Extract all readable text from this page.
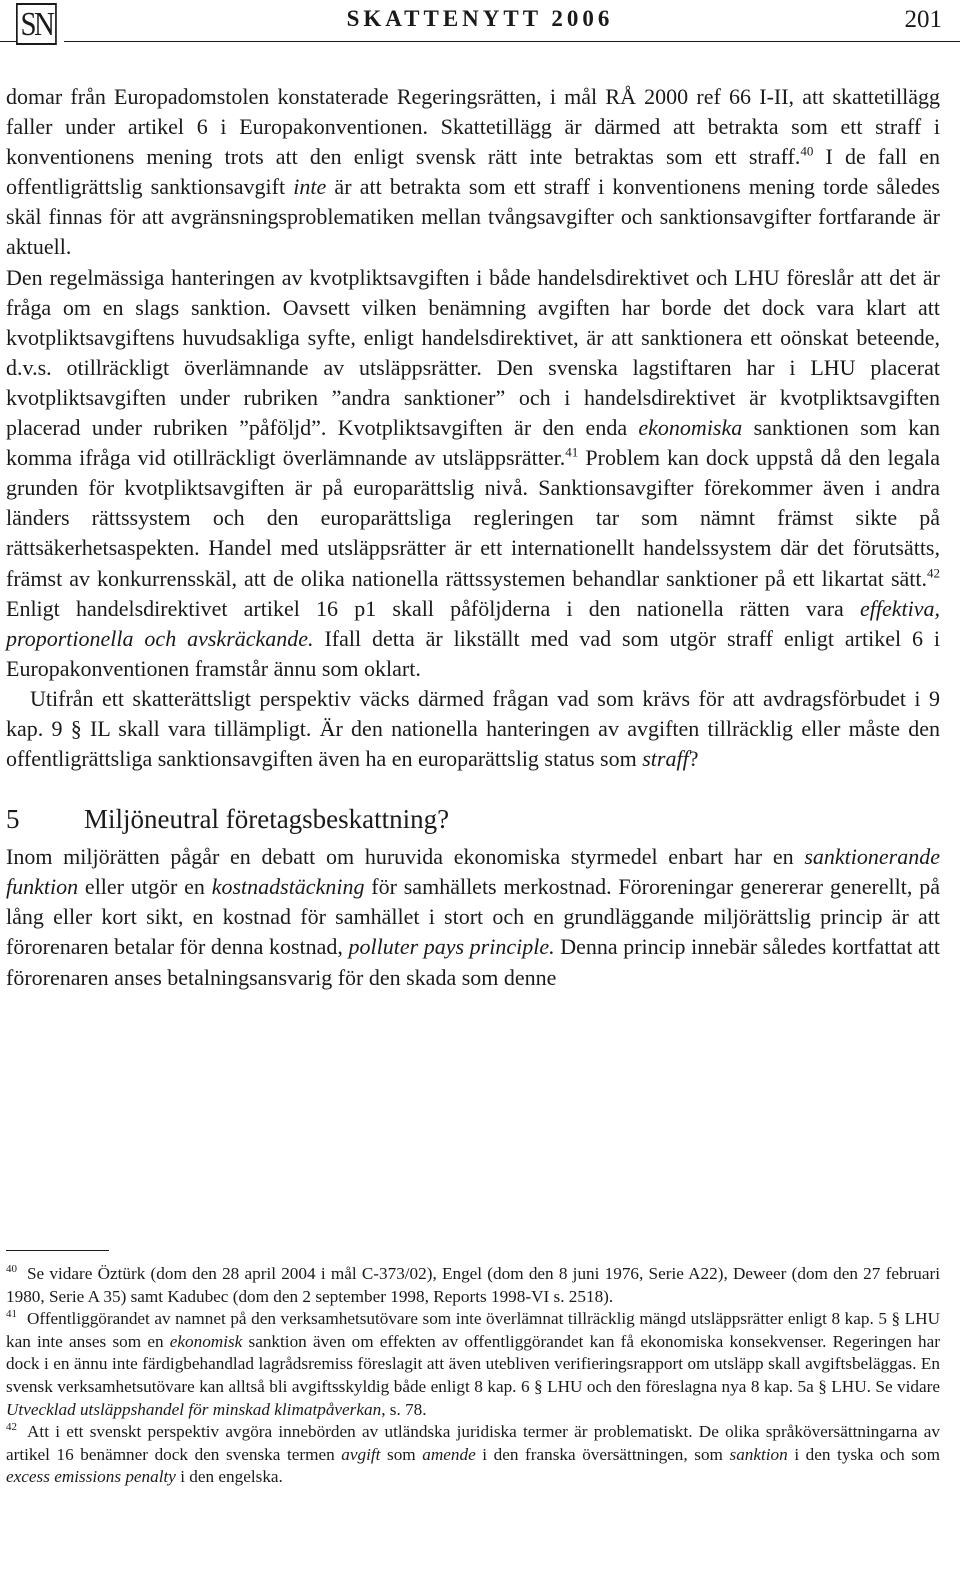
SN	SKATTENYTT 2006	201

domar från Europadomstolen konstaterade Regeringsrätten, i mål RÅ 2000 ref 66 I-II, att skattetillägg faller under artikel 6 i Europakonventionen. Skattetillägg är därmed att betrakta som ett straff i konventionens mening trots att den enligt svensk rätt inte betraktas som ett straff.$^{40}$ I de fall en offentligrättslig sanktionsavgift inte är att betrakta som ett straff i konventionens mening torde således skäl finnas för att avgränsningsproblematiken mellan tvångsavgifter och sanktionsavgifter fortfarande är aktuell.

Den regelmässiga hanteringen av kvotpliktsavgiften i både handelsdirektivet och LHU föreslår att det är fråga om en slags sanktion. Oavsett vilken benämning avgiften har borde det dock vara klart att kvotpliktsavgiftens huvudsakliga syfte, enligt handelsdirektivet, är att sanktionera ett oönskat beteende, d.v.s. otillräckligt överlämnande av utsläppsrätter. Den svenska lagstiftaren har i LHU placerat kvotpliktsavgiften under rubriken ”andra sanktioner” och i handelsdirektivet är kvotpliktsavgiften placerad under rubriken ”påföljd”. Kvotpliktsavgiften är den enda ekonomiska sanktionen som kan komma ifråga vid otillräckligt överlämnande av utsläppsrätter.$^{41}$ Problem kan dock uppstå då den legala grunden för kvotpliktsavgiften är på europarättslig nivå. Sanktionsavgifter förekommer även i andra länders rättssystem och den europarättsliga regleringen tar som nämnt främst sikte på rättsäkerhetsaspekten. Handel med utsläppsrätter är ett internationellt handelssystem där det förutsätts, främst av konkurrensskäl, att de olika nationella rättssystemen behandlar sanktioner på ett likartat sätt.$^{42}$ Enligt handelsdirektivet artikel 16 p1 skall påföljderna i den nationella rätten vara effektiva, proportionella och avskräckande. Ifall detta är likställt med vad som utgör straff enligt artikel 6 i Europakonventionen framstår ännu som oklart.

Utifrån ett skatterättsligt perspektiv väcks därmed frågan vad som krävs för att avdragsförbudet i 9 kap. 9 § IL skall vara tillämpligt. Är den nationella hanteringen av avgiften tillräcklig eller måste den offentligrättsliga sanktionsavgiften även ha en europarättslig status som straff?

5 Miljöneutral företagsbeskattning?

Inom miljörätten pågår en debatt om huruvida ekonomiska styrmedel enbart har en sanktionerande funktion eller utgör en kostnadstäckning för samhällets merkostnad. Föroreningar genererar generellt, på lång eller kort sikt, en kostnad för samhället i stort och en grundläggande miljörättslig princip är att förorenaren betalar för denna kostnad, polluter pays principle. Denna princip innebär således kortfattat att förorenaren anses betalningsansvarig för den skada som denne

$^{40}$ Se vidare Öztürk (dom den 28 april 2004 i mål C-373/02), Engel (dom den 8 juni 1976, Serie A22), Deweer (dom den 27 februari 1980, Serie A 35) samt Kadubec (dom den 2 september 1998, Reports 1998-VI s. 2518).

$^{41}$ Offentliggörandet av namnet på den verksamhetsutövare som inte överlämnat tillräcklig mängd utsläppsrätter enligt 8 kap. 5 § LHU kan inte anses som en ekonomisk sanktion även om effekten av offentliggörandet kan få ekonomiska konsekvenser. Regeringen har dock i en ännu inte färdigbehandlad lagrådsremiss föreslagit att även utebliven verifieringsrapport om utsläpp skall avgiftsbeläggas. En svensk verksamhetsutövare kan alltså bli avgiftsskyldig både enligt 8 kap. 6 § LHU och den föreslagna nya 8 kap. 5a § LHU. Se vidare Utvecklad utsläppshandel för minskad klimatpåverkan, s. 78.

$^{42}$ Att i ett svenskt perspektiv avgöra innebörden av utländska juridiska termer är problematiskt. De olika språköversättningarna av artikel 16 benämner dock den svenska termen avgift som amende i den franska översättningen, som sanktion i den tyska och som excess emissions penalty i den engelska.
